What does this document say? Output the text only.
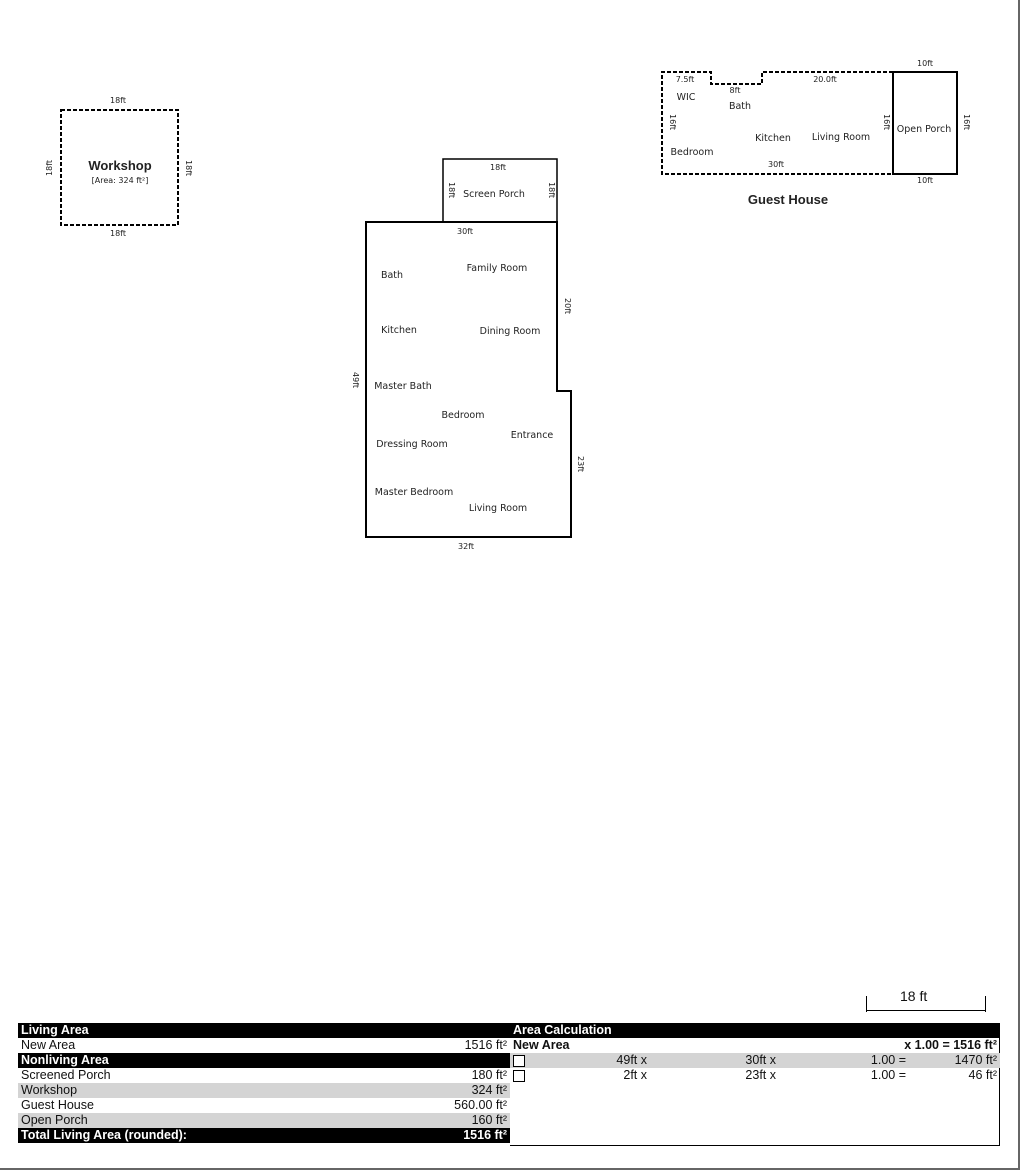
18ft
18ft
18ft	18ft
Workshop
[Area: 324 ft²]
18ft
18ft	18ft
Screen Porch
30ft
20ft
49ft
23ft
32ft
Bath
Family Room
Kitchen	Dining Room
Master Bath
Bedroom
Entrance
Dressing Room
Master Bedroom
Living Room
7.5ft
8ft
20.0ft
30ft
16ft	16ft
10ft
10ft
16ft
WIC
Bath
Kitchen Living Room
Bedroom
Open Porch
Guest House
18 ft
Living Area	
New Area	1516 ft²
Nonliving Area	
Screened Porch	180 ft²
Workshop	324 ft²
Guest House	560.00 ft²
Open Porch	160 ft²
Total Living Area (rounded):	1516 ft²
Area Calculation				
New Area			x 1.00 = 1516 ft²	
	49ft x	30ft x	1.00 =	1470 ft²
	2ft x	23ft x	1.00 =	46 ft²
